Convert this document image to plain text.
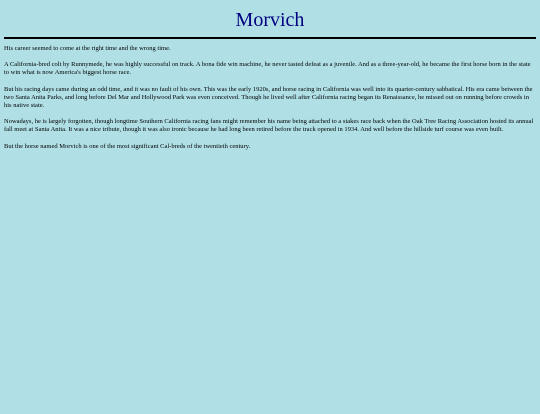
Morvich

His career seemed to come at the right time and the wrong time.

A California-bred colt by Runnymede, he was highly successful on track. A bona fide win machine, he never tasted defeat as a juvenile. And as a three-year-old, he became the first horse born in the state to win what is now America's biggest horse race.

But his racing days came during an odd time, and it was no fault of his own. This was the early 1920s, and horse racing in California was well into its quarter-century sabbatical. His era came between the two Santa Anita Parks, and long before Del Mar and Hollywood Park was even conceived. Though he lived well after California racing began its Renaissance, he missed out on running before crowds in his native state.

Nowadays, he is largely forgotten, though longtime Southern California racing fans might remember his name being attached to a stakes race back when the Oak Tree Racing Association hosted its annual fall meet at Santa Anita. It was a nice tribute, though it was also ironic because he had long been retired before the track opened in 1934. And well before the hillside turf course was even built.

But the horse named Morvich is one of the most significant Cal-breds of the twentieth century.
